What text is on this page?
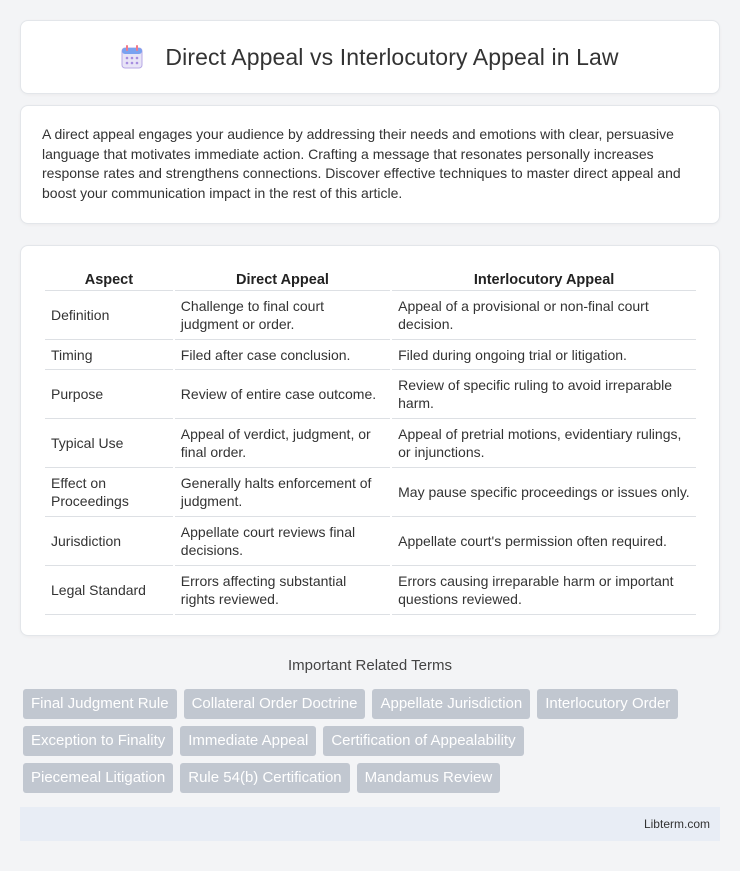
Direct Appeal vs Interlocutory Appeal in Law

A direct appeal engages your audience by addressing their needs and emotions with clear, persuasive language that motivates immediate action. Crafting a message that resonates personally increases response rates and strengthens connections. Discover effective techniques to master direct appeal and boost your communication impact in the rest of this article.

Aspect	Direct Appeal	Interlocutory Appeal
Definition	Challenge to final court judgment or order.	Appeal of a provisional or non-final court decision.
Timing	Filed after case conclusion.	Filed during ongoing trial or litigation.
Purpose	Review of entire case outcome.	Review of specific ruling to avoid irreparable harm.
Typical Use	Appeal of verdict, judgment, or final order.	Appeal of pretrial motions, evidentiary rulings, or injunctions.
Effect on Proceedings	Generally halts enforcement of judgment.	May pause specific proceedings or issues only.
Jurisdiction	Appellate court reviews final decisions.	Appellate court's permission often required.
Legal Standard	Errors affecting substantial rights reviewed.	Errors causing irreparable harm or important questions reviewed.
Important Related Terms
Final Judgment Rule	Collateral Order Doctrine	Appellate Jurisdiction	Interlocutory Order
Exception to Finality	Immediate Appeal	Certification of Appealability
Piecemeal Litigation	Rule 54(b) Certification	Mandamus Review
Libterm.com
